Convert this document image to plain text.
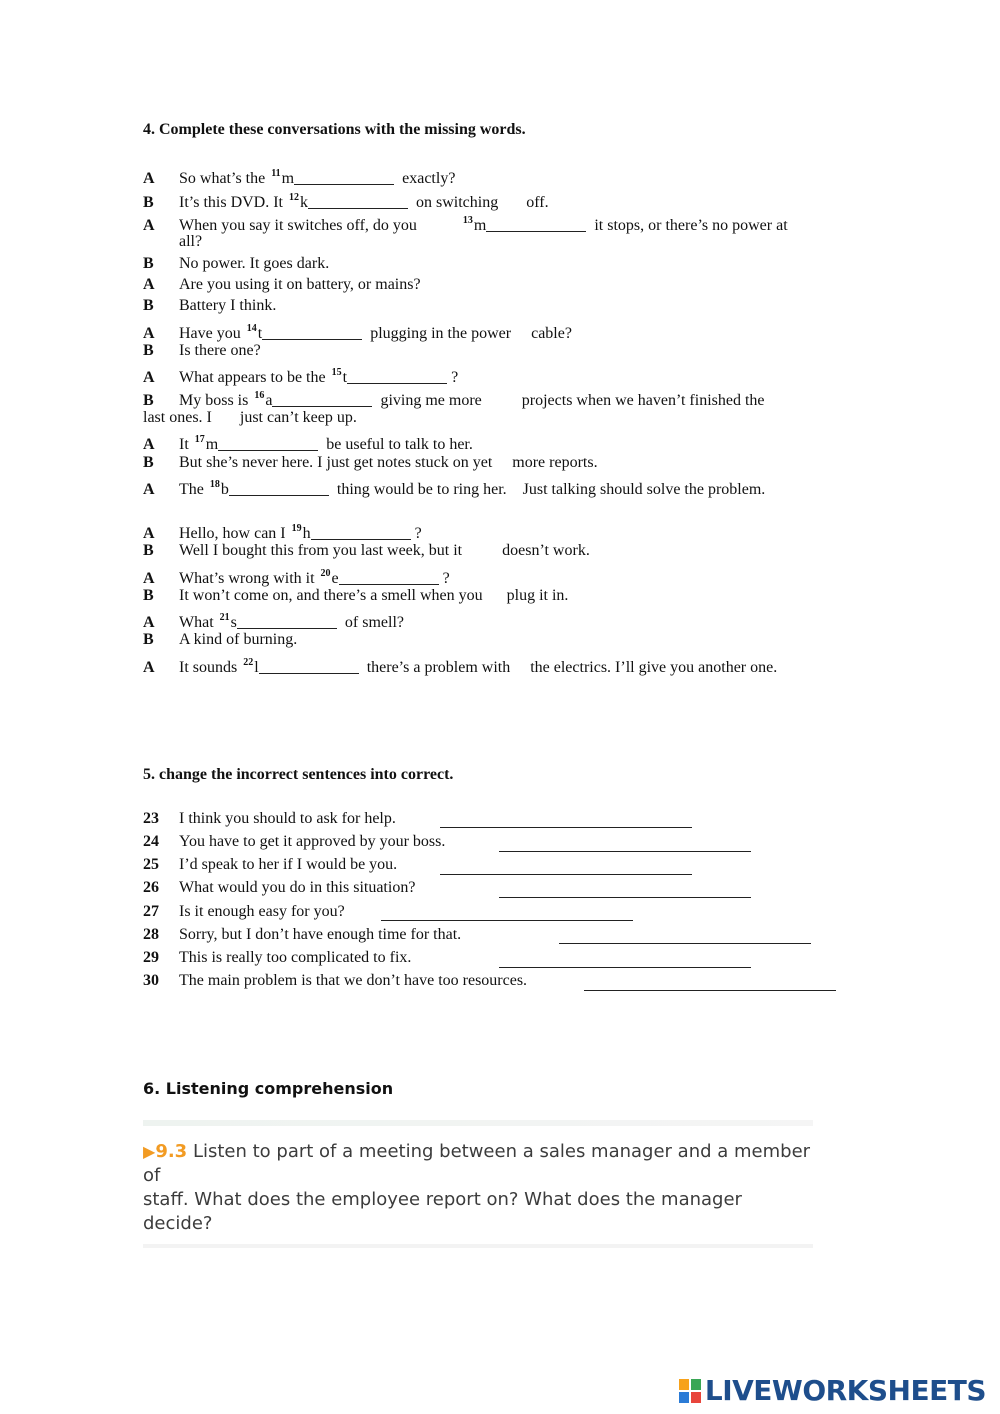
4. Complete these conversations with the missing words.
A So what’s the $^{11}$m	exactly?
B It’s this DVD. It $^{12}$k	on switching       off.
A When you say it switches off, do you           $^{13}$m	it stops, or there’s no power at
all?
B No power. It goes dark.
A Are you using it on battery, or mains?
B Battery I think.
A Have you $^{14}$t	plugging in the power     cable?
B Is there one?
A What appears to be the $^{15}$t	?
B My boss is $^{16}$a	giving me more          projects when we haven’t finished the
last ones. I       just can’t keep up.
A It $^{17}$m	be useful to talk to her.
B But she’s never here. I just get notes stuck on yet     more reports.
A The $^{18}$b	thing would be to ring her.    Just talking should solve the problem.
A Hello, how can I $^{19}$h	?
B Well I bought this from you last week, but it          doesn’t work.
A What’s wrong with it $^{20}$e	?
B It won’t come on, and there’s a smell when you      plug it in.
A What $^{21}$s	of smell?
B A kind of burning.
A It sounds $^{22}$l	there’s a problem with     the electrics. I’ll give you another one.
5. change the incorrect sentences into correct.
23 I think you should to ask for help.
24 You have to get it approved by your boss.
25 I’d speak to her if I would be you.
26 What would you do in this situation?
27 Is it enough easy for you?
28 Sorry, but I don’t have enough time for that.
29 This is really too complicated to fix.
30 The main problem is that we don’t have too resources.
6. Listening comprehension
▶9.3 Listen to part of a meeting between a sales manager and a member of
staff. What does the employee report on? What does the manager decide?
LIVEWORKSHEETS
